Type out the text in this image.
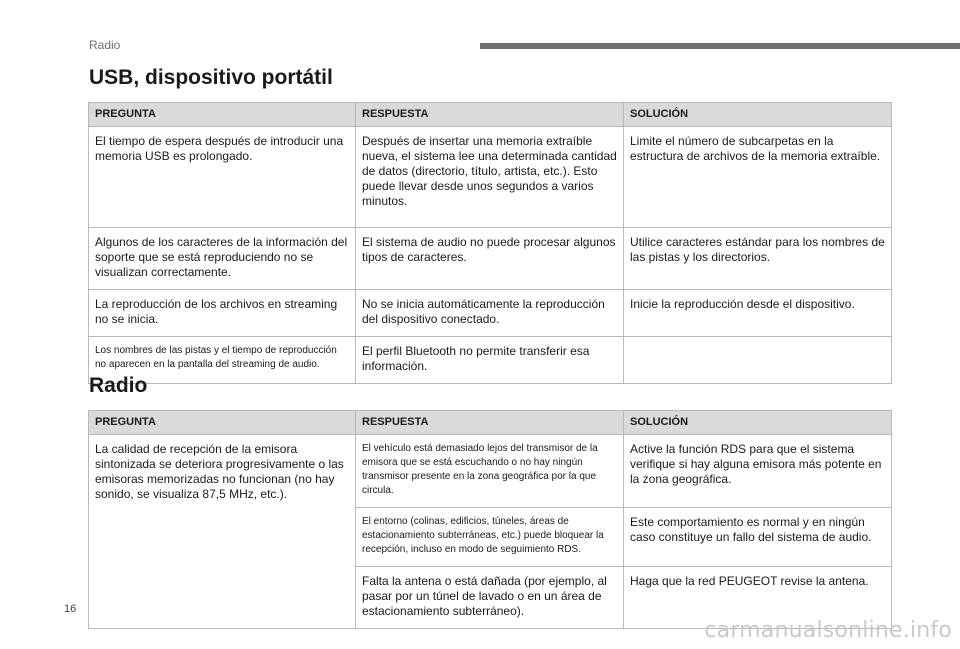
Radio
USB, dispositivo portátil
PREGUNTA	RESPUESTA	SOLUCIÓN
El tiempo de espera después de introducir una memoria USB es prolongado.	Después de insertar una memoria extraíble nueva, el sistema lee una determinada cantidad de datos (directorio, título, artista, etc.). Esto puede llevar desde unos segundos a varios minutos.	Limite el número de subcarpetas en la estructura de archivos de la memoria extraíble.
Algunos de los caracteres de la información del soporte que se está reproduciendo no se visualizan correctamente.	El sistema de audio no puede procesar algunos tipos de caracteres.	Utilice caracteres estándar para los nombres de las pistas y los directorios.
La reproducción de los archivos en streaming no se inicia.	No se inicia automáticamente la reproducción del dispositivo conectado.	Inicie la reproducción desde el dispositivo.
Los nombres de las pistas y el tiempo de reproducción no aparecen en la pantalla del streaming de audio.	El perfil Bluetooth no permite transferir esa información.	
Radio
PREGUNTA	RESPUESTA	SOLUCIÓN
La calidad de recepción de la emisora sintonizada se deteriora progresivamente o las emisoras memorizadas no funcionan (no hay sonido, se visualiza 87,5 MHz, etc.).	El vehículo está demasiado lejos del transmisor de la emisora que se está escuchando o no hay ningún transmisor presente en la zona geográfica por la que circula.	Active la función RDS para que el sistema verifique si hay alguna emisora más potente en la zona geográfica.
	El entorno (colinas, edificios, túneles, áreas de estacionamiento subterráneas, etc.) puede bloquear la recepción, incluso en modo de seguimiento RDS.	Este comportamiento es normal y en ningún caso constituye un fallo del sistema de audio.
	Falta la antena o está dañada (por ejemplo, al pasar por un túnel de lavado o en un área de estacionamiento subterráneo).	Haga que la red PEUGEOT revise la antena.
16
carmanualsonline.info
